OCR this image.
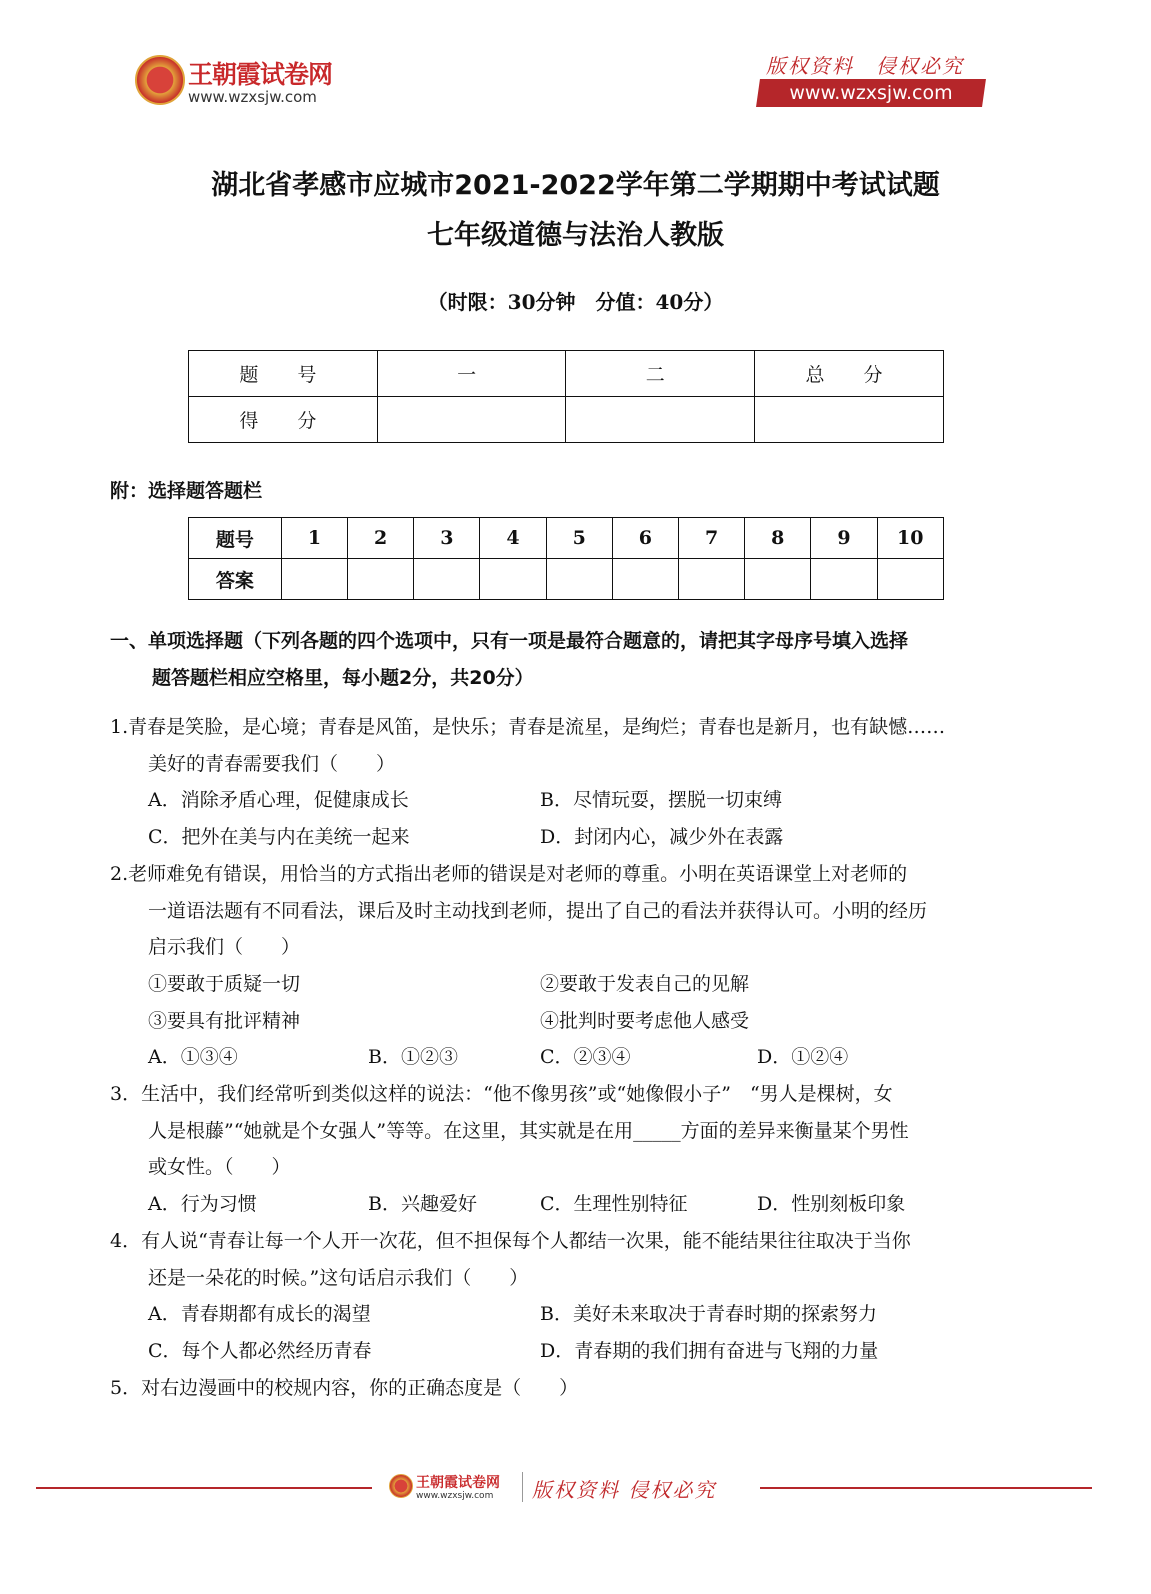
王朝霞试卷网
www.wzxsjw.com
版权资料　侵权必究
www.wzxsjw.com
湖北省孝感市应城市2021-2022学年第二学期期中考试试题
七年级道德与法治人教版
（时限：30分钟　分值：40分）
题　号	一	二	总　分
得　分			
附：选择题答题栏
题号	1	2	3	4	5	6	7	8	9	10
答案										
一、单项选择题（下列各题的四个选项中，只有一项是最符合题意的，请把其字母序号填入选择
题答题栏相应空格里，每小题2分，共20分）
1.青春是笑脸，是心境；青春是风笛，是快乐；青春是流星，是绚烂；青春也是新月，也有缺憾……
美好的青春需要我们（　　）
A．消除矛盾心理，促健康成长	B．尽情玩耍，摆脱一切束缚
C．把外在美与内在美统一起来	D．封闭内心，减少外在表露
2.老师难免有错误，用恰当的方式指出老师的错误是对老师的尊重。小明在英语课堂上对老师的
一道语法题有不同看法，课后及时主动找到老师，提出了自己的看法并获得认可。小明的经历
启示我们（　　）
①要敢于质疑一切	②要敢于发表自己的见解
③要具有批评精神	④批判时要考虑他人感受
A．①③④	B．①②③	C．②③④	D．①②④
3．生活中，我们经常听到类似这样的说法：“他不像男孩”或“她像假小子”　“男人是棵树，女
人是根藤”“她就是个女强人”等等。在这里，其实就是在用_____方面的差异来衡量某个男性
或女性。（　　）
A．行为习惯	B．兴趣爱好	C．生理性别特征	D．性别刻板印象
4．有人说“青春让每一个人开一次花，但不担保每个人都结一次果，能不能结果往往取决于当你
还是一朵花的时候。”这句话启示我们（　　）
A．青春期都有成长的渴望	B．美好未来取决于青春时期的探索努力
C．每个人都必然经历青春	D．青春期的我们拥有奋进与飞翔的力量
5．对右边漫画中的校规内容，你的正确态度是（　　）
王朝霞试卷网
www.wzxsjw.com 版权资料 侵权必究
